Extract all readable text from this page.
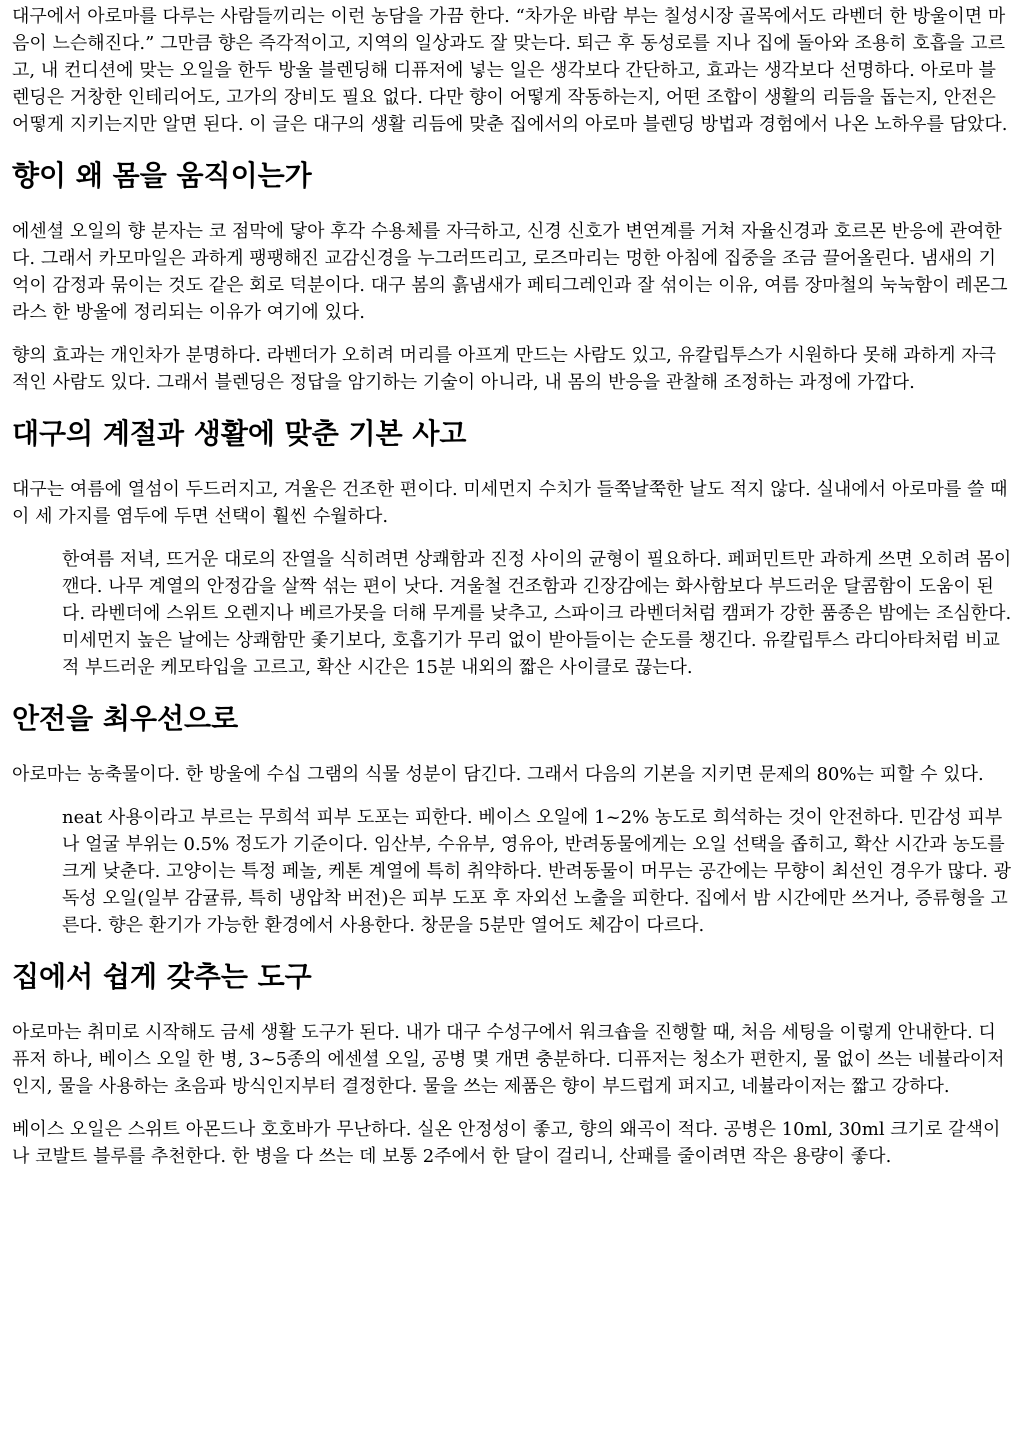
대구에서 아로마를 다루는 사람들끼리는 이런 농담을 가끔 한다. “차가운 바람 부는 칠성시장 골목에서도 라벤더 한 방울이면 마음이 느슨해진다.” 그만큼 향은 즉각적이고, 지역의 일상과도 잘 맞는다. 퇴근 후 동성로를 지나 집에 돌아와 조용히 호흡을 고르고, 내 컨디션에 맞는 오일을 한두 방울 블렌딩해 디퓨저에 넣는 일은 생각보다 간단하고, 효과는 생각보다 선명하다. 아로마 블렌딩은 거창한 인테리어도, 고가의 장비도 필요 없다. 다만 향이 어떻게 작동하는지, 어떤 조합이 생활의 리듬을 돕는지, 안전은 어떻게 지키는지만 알면 된다. 이 글은 대구의 생활 리듬에 맞춘 집에서의 아로마 블렌딩 방법과 경험에서 나온 노하우를 담았다.

향이 왜 몸을 움직이는가

에센셜 오일의 향 분자는 코 점막에 닿아 후각 수용체를 자극하고, 신경 신호가 변연계를 거쳐 자율신경과 호르몬 반응에 관여한다. 그래서 카모마일은 과하게 팽팽해진 교감신경을 누그러뜨리고, 로즈마리는 멍한 아침에 집중을 조금 끌어올린다. 냄새의 기억이 감정과 묶이는 것도 같은 회로 덕분이다. 대구 봄의 흙냄새가 페티그레인과 잘 섞이는 이유, 여름 장마철의 눅눅함이 레몬그라스 한 방울에 정리되는 이유가 여기에 있다.

향의 효과는 개인차가 분명하다. 라벤더가 오히려 머리를 아프게 만드는 사람도 있고, 유칼립투스가 시원하다 못해 과하게 자극적인 사람도 있다. 그래서 블렌딩은 정답을 암기하는 기술이 아니라, 내 몸의 반응을 관찰해 조정하는 과정에 가깝다.

대구의 계절과 생활에 맞춘 기본 사고

대구는 여름에 열섬이 두드러지고, 겨울은 건조한 편이다. 미세먼지 수치가 들쭉날쭉한 날도 적지 않다. 실내에서 아로마를 쓸 때 이 세 가지를 염두에 두면 선택이 훨씬 수월하다.

한여름 저녁, 뜨거운 대로의 잔열을 식히려면 상쾌함과 진정 사이의 균형이 필요하다. 페퍼민트만 과하게 쓰면 오히려 몸이 깬다. 나무 계열의 안정감을 살짝 섞는 편이 낫다. 겨울철 건조함과 긴장감에는 화사함보다 부드러운 달콤함이 도움이 된다. 라벤더에 스위트 오렌지나 베르가못을 더해 무게를 낮추고, 스파이크 라벤더처럼 캠퍼가 강한 품종은 밤에는 조심한다. 미세먼지 높은 날에는 상쾌함만 좇기보다, 호흡기가 무리 없이 받아들이는 순도를 챙긴다. 유칼립투스 라디아타처럼 비교적 부드러운 케모타입을 고르고, 확산 시간은 15분 내외의 짧은 사이클로 끊는다.

안전을 최우선으로

아로마는 농축물이다. 한 방울에 수십 그램의 식물 성분이 담긴다. 그래서 다음의 기본을 지키면 문제의 80%는 피할 수 있다.

neat 사용이라고 부르는 무희석 피부 도포는 피한다. 베이스 오일에 1~2% 농도로 희석하는 것이 안전하다. 민감성 피부나 얼굴 부위는 0.5% 정도가 기준이다. 임산부, 수유부, 영유아, 반려동물에게는 오일 선택을 좁히고, 확산 시간과 농도를 크게 낮춘다. 고양이는 특정 페놀, 케톤 계열에 특히 취약하다. 반려동물이 머무는 공간에는 무향이 최선인 경우가 많다. 광독성 오일(일부 감귤류, 특히 냉압착 버전)은 피부 도포 후 자외선 노출을 피한다. 집에서 밤 시간에만 쓰거나, 증류형을 고른다. 향은 환기가 가능한 환경에서 사용한다. 창문을 5분만 열어도 체감이 다르다.

집에서 쉽게 갖추는 도구

아로마는 취미로 시작해도 금세 생활 도구가 된다. 내가 대구 수성구에서 워크숍을 진행할 때, 처음 세팅을 이렇게 안내한다. 디퓨저 하나, 베이스 오일 한 병, 3~5종의 에센셜 오일, 공병 몇 개면 충분하다. 디퓨저는 청소가 편한지, 물 없이 쓰는 네뷸라이저인지, 물을 사용하는 초음파 방식인지부터 결정한다. 물을 쓰는 제품은 향이 부드럽게 퍼지고, 네뷸라이저는 짧고 강하다.

베이스 오일은 스위트 아몬드나 호호바가 무난하다. 실온 안정성이 좋고, 향의 왜곡이 적다. 공병은 10ml, 30ml 크기로 갈색이나 코발트 블루를 추천한다. 한 병을 다 쓰는 데 보통 2주에서 한 달이 걸리니, 산패를 줄이려면 작은 용량이 좋다.
